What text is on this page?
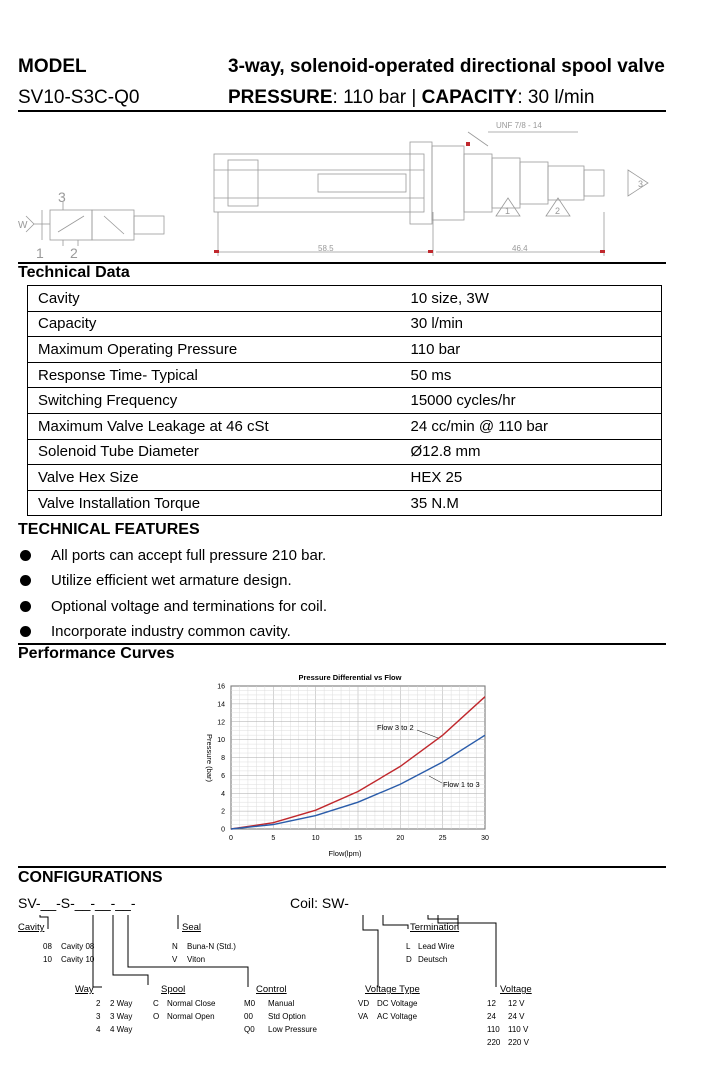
MODEL	3-way, solenoid-operated directional spool valve
SV10-S3C-Q0	PRESSURE: 110 bar | CAPACITY: 30 l/min
UNF 7/8 - 14
58.5	46.4
1	2
3
3
1 2
W
Technical Data
Cavity	10 size, 3W
Capacity	30 l/min
Maximum Operating Pressure	110 bar
Response Time- Typical	50 ms
Switching Frequency	15000 cycles/hr
Maximum Valve Leakage at 46 cSt	24 cc/min @ 110 bar
Solenoid Tube Diameter	Ø12.8 mm
Valve Hex Size	HEX 25
Valve Installation Torque	35 N.M
TECHNICAL FEATURES
All ports can accept full pressure 210 bar.
Utilize efficient wet armature design.
Optional voltage and terminations for coil.
Incorporate industry common cavity.
Performance Curves
Pressure Differential vs Flow
Flow(lpm)
Pressure (bar)
0	5	10	15	20	25	30
0
2
4
6
8
10
12
14
16
Flow 3 to 2
Flow 1 to 3
CONFIGURATIONS
SV-__-S-__-__-__-	Coil: SW-
Cavity
08 Cavity 08
10 Cavity 10
Seal
N Buna-N (Std.)
V Viton
Way
2 2 Way
3 3 Way
4 4 Way
Spool
C Normal Close
O Normal Open
Control
M0 Manual
00 Std Option
Q0 Low Pressure
Termination
L Lead Wire
D Deutsch
Voltage Type
VD DC Voltage
VA AC Voltage
Voltage
12 12 V
24 24 V
110 110 V
220 220 V
